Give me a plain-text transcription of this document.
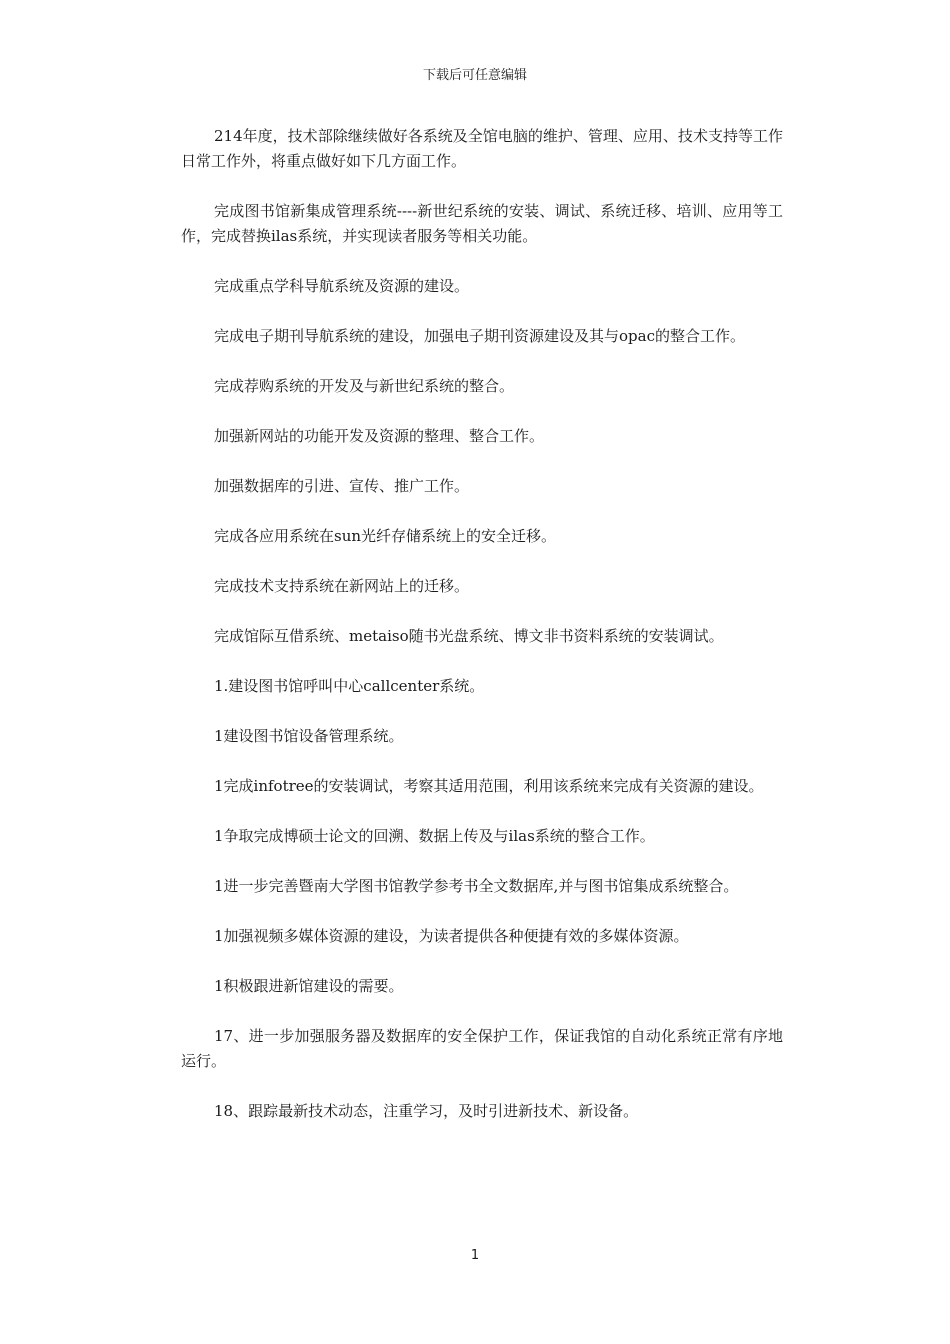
下载后可任意编辑

214年度，技术部除继续做好各系统及全馆电脑的维护、管理、应用、技术支持等工作日常工作外，将重点做好如下几方面工作。

完成图书馆新集成管理系统----新世纪系统的安装、调试、系统迁移、培训、应用等工作，完成替换ilas系统，并实现读者服务等相关功能。

完成重点学科导航系统及资源的建设。

完成电子期刊导航系统的建设，加强电子期刊资源建设及其与opac的整合工作。

完成荐购系统的开发及与新世纪系统的整合。

加强新网站的功能开发及资源的整理、整合工作。

加强数据库的引进、宣传、推广工作。

完成各应用系统在sun光纤存储系统上的安全迁移。

完成技术支持系统在新网站上的迁移。

完成馆际互借系统、metaiso随书光盘系统、博文非书资料系统的安装调试。

1.建设图书馆呼叫中心callcenter系统。

1建设图书馆设备管理系统。

1完成infotree的安装调试，考察其适用范围，利用该系统来完成有关资源的建设。

1争取完成博硕士论文的回溯、数据上传及与ilas系统的整合工作。

1进一步完善暨南大学图书馆教学参考书全文数据库,并与图书馆集成系统整合。

1加强视频多媒体资源的建设，为读者提供各种便捷有效的多媒体资源。

1积极跟进新馆建设的需要。

17、进一步加强服务器及数据库的安全保护工作，保证我馆的自动化系统正常有序地运行。

18、跟踪最新技术动态，注重学习，及时引进新技术、新设备。

1
